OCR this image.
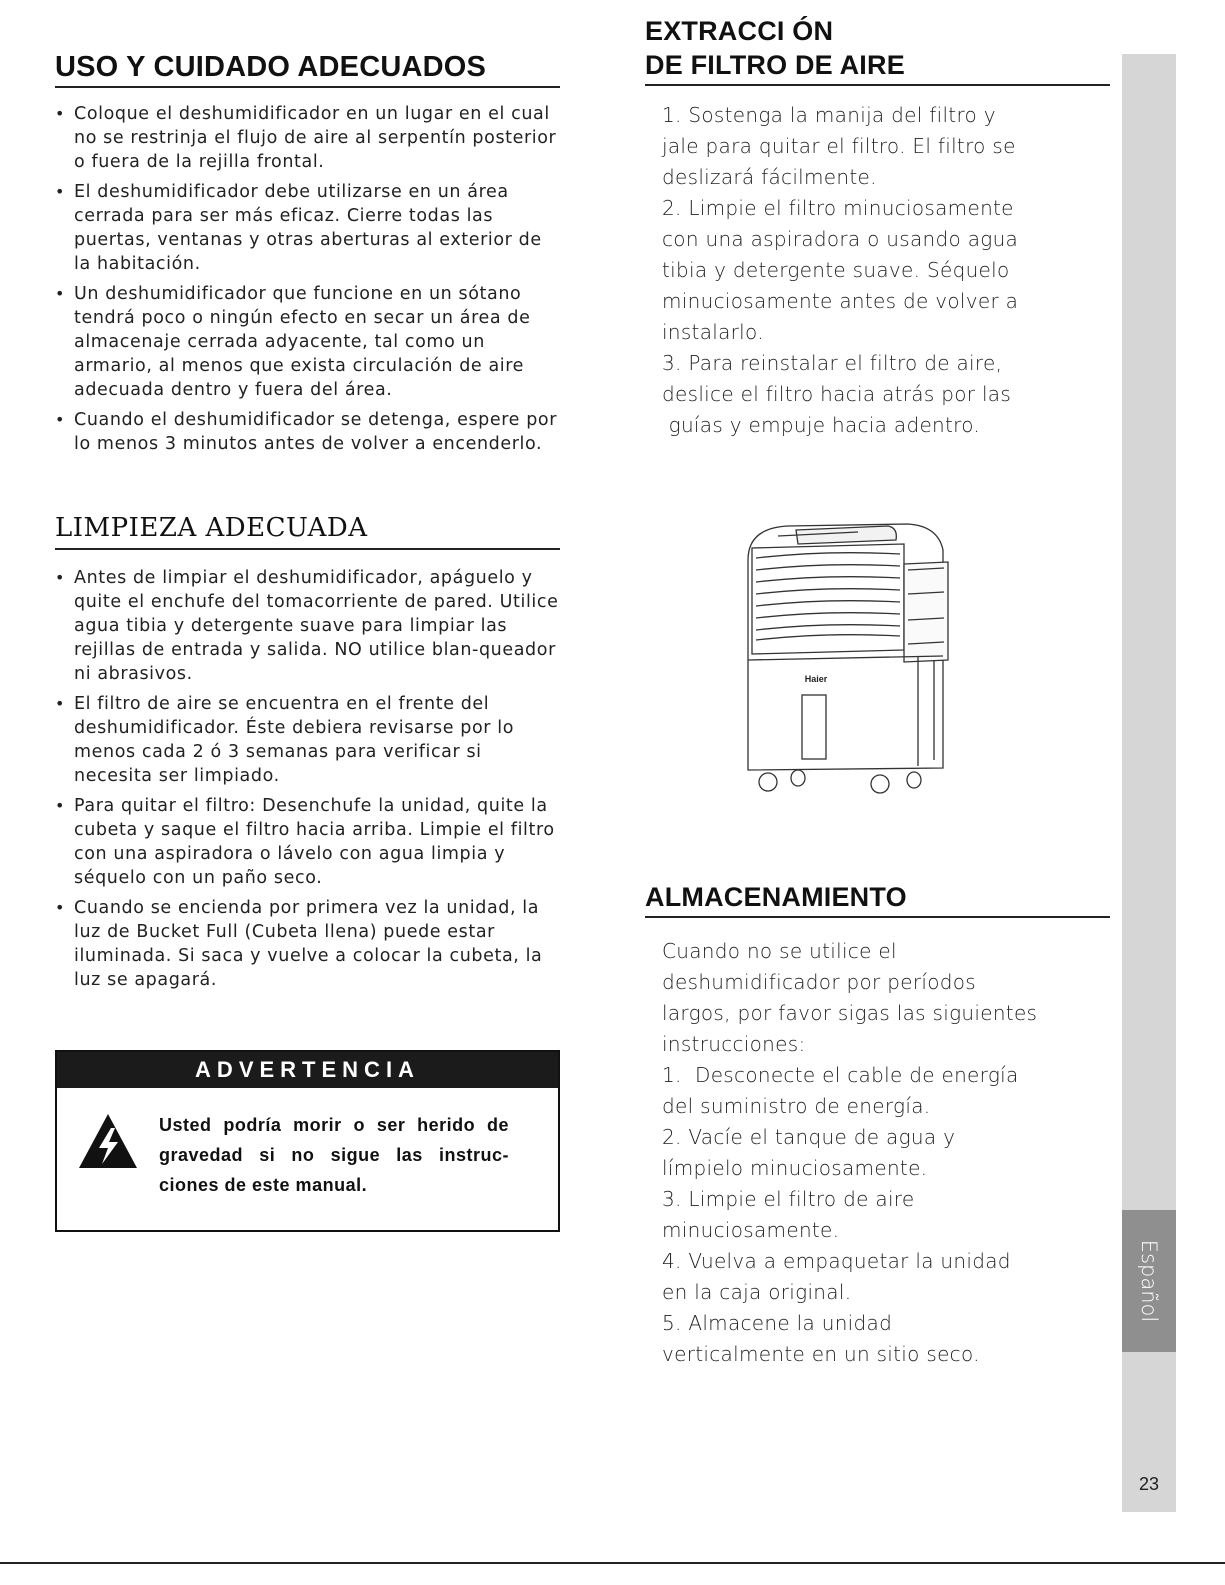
USO Y CUIDADO ADECUADOS
• Coloque el deshumidificador en un lugar en el cual no se restrinja el flujo de aire al serpentín posterior o fuera de la rejilla frontal.
• El deshumidificador debe utilizarse en un área cerrada para ser más eficaz. Cierre todas las puertas, ventanas y otras aberturas al exterior de la habitación.
• Un deshumidificador que funcione en un sótano tendrá poco o ningún efecto en secar un área de almacenaje cerrada adyacente, tal como un armario, al menos que exista circulación de aire adecuada dentro y fuera del área.
• Cuando el deshumidificador se detenga, espere por lo menos 3 minutos antes de volver a encenderlo.
LIMPIEZA ADECUADA
• Antes de limpiar el deshumidificador, apáguelo y quite el enchufe del tomacorriente de pared. Utilice agua tibia y detergente suave para limpiar las rejillas de entrada y salida. NO utilice blan-queador ni abrasivos.
• El filtro de aire se encuentra en el frente del deshumidificador. Éste debiera revisarse por lo menos cada 2 ó 3 semanas para verificar si necesita ser limpiado.
• Para quitar el filtro: Desenchufe la unidad, quite la cubeta y saque el filtro hacia arriba. Limpie el filtro con una aspiradora o lávelo con agua limpia y séquelo con un paño seco.
• Cuando se encienda por primera vez la unidad, la luz de Bucket Full (Cubeta llena) puede estar iluminada. Si saca y vuelve a colocar la cubeta, la luz se apagará.
ADVERTENCIA
Usted podría morir o ser herido de gravedad si no sigue las instruc-ciones de este manual.
EXTRACCI ÓN
DE FILTRO DE AIRE

1. Sostenga la manija del filtro y

jale para quitar el filtro. El filtro se

deslizará fácilmente.

2. Limpie el filtro minuciosamente

con una aspiradora o usando agua

tibia y detergente suave. Séquelo

minuciosamente antes de volver a

instalarlo.

3. Para reinstalar el filtro de aire,

deslice el filtro hacia atrás por las

guías y empuje hacia adentro.

Haier
ALMACENAMIENTO

Cuando no se utilice el

deshumidificador por períodos

largos, por favor sigas las siguientes

instrucciones:

1.  Desconecte el cable de energía

del suministro de energía.

2. Vacíe el tanque de agua y

límpielo minuciosamente.

3. Limpie el filtro de aire

minuciosamente.

4. Vuelva a empaquetar la unidad

en la caja original.

5. Almacene la unidad

verticalmente en un sitio seco.

Español
23
